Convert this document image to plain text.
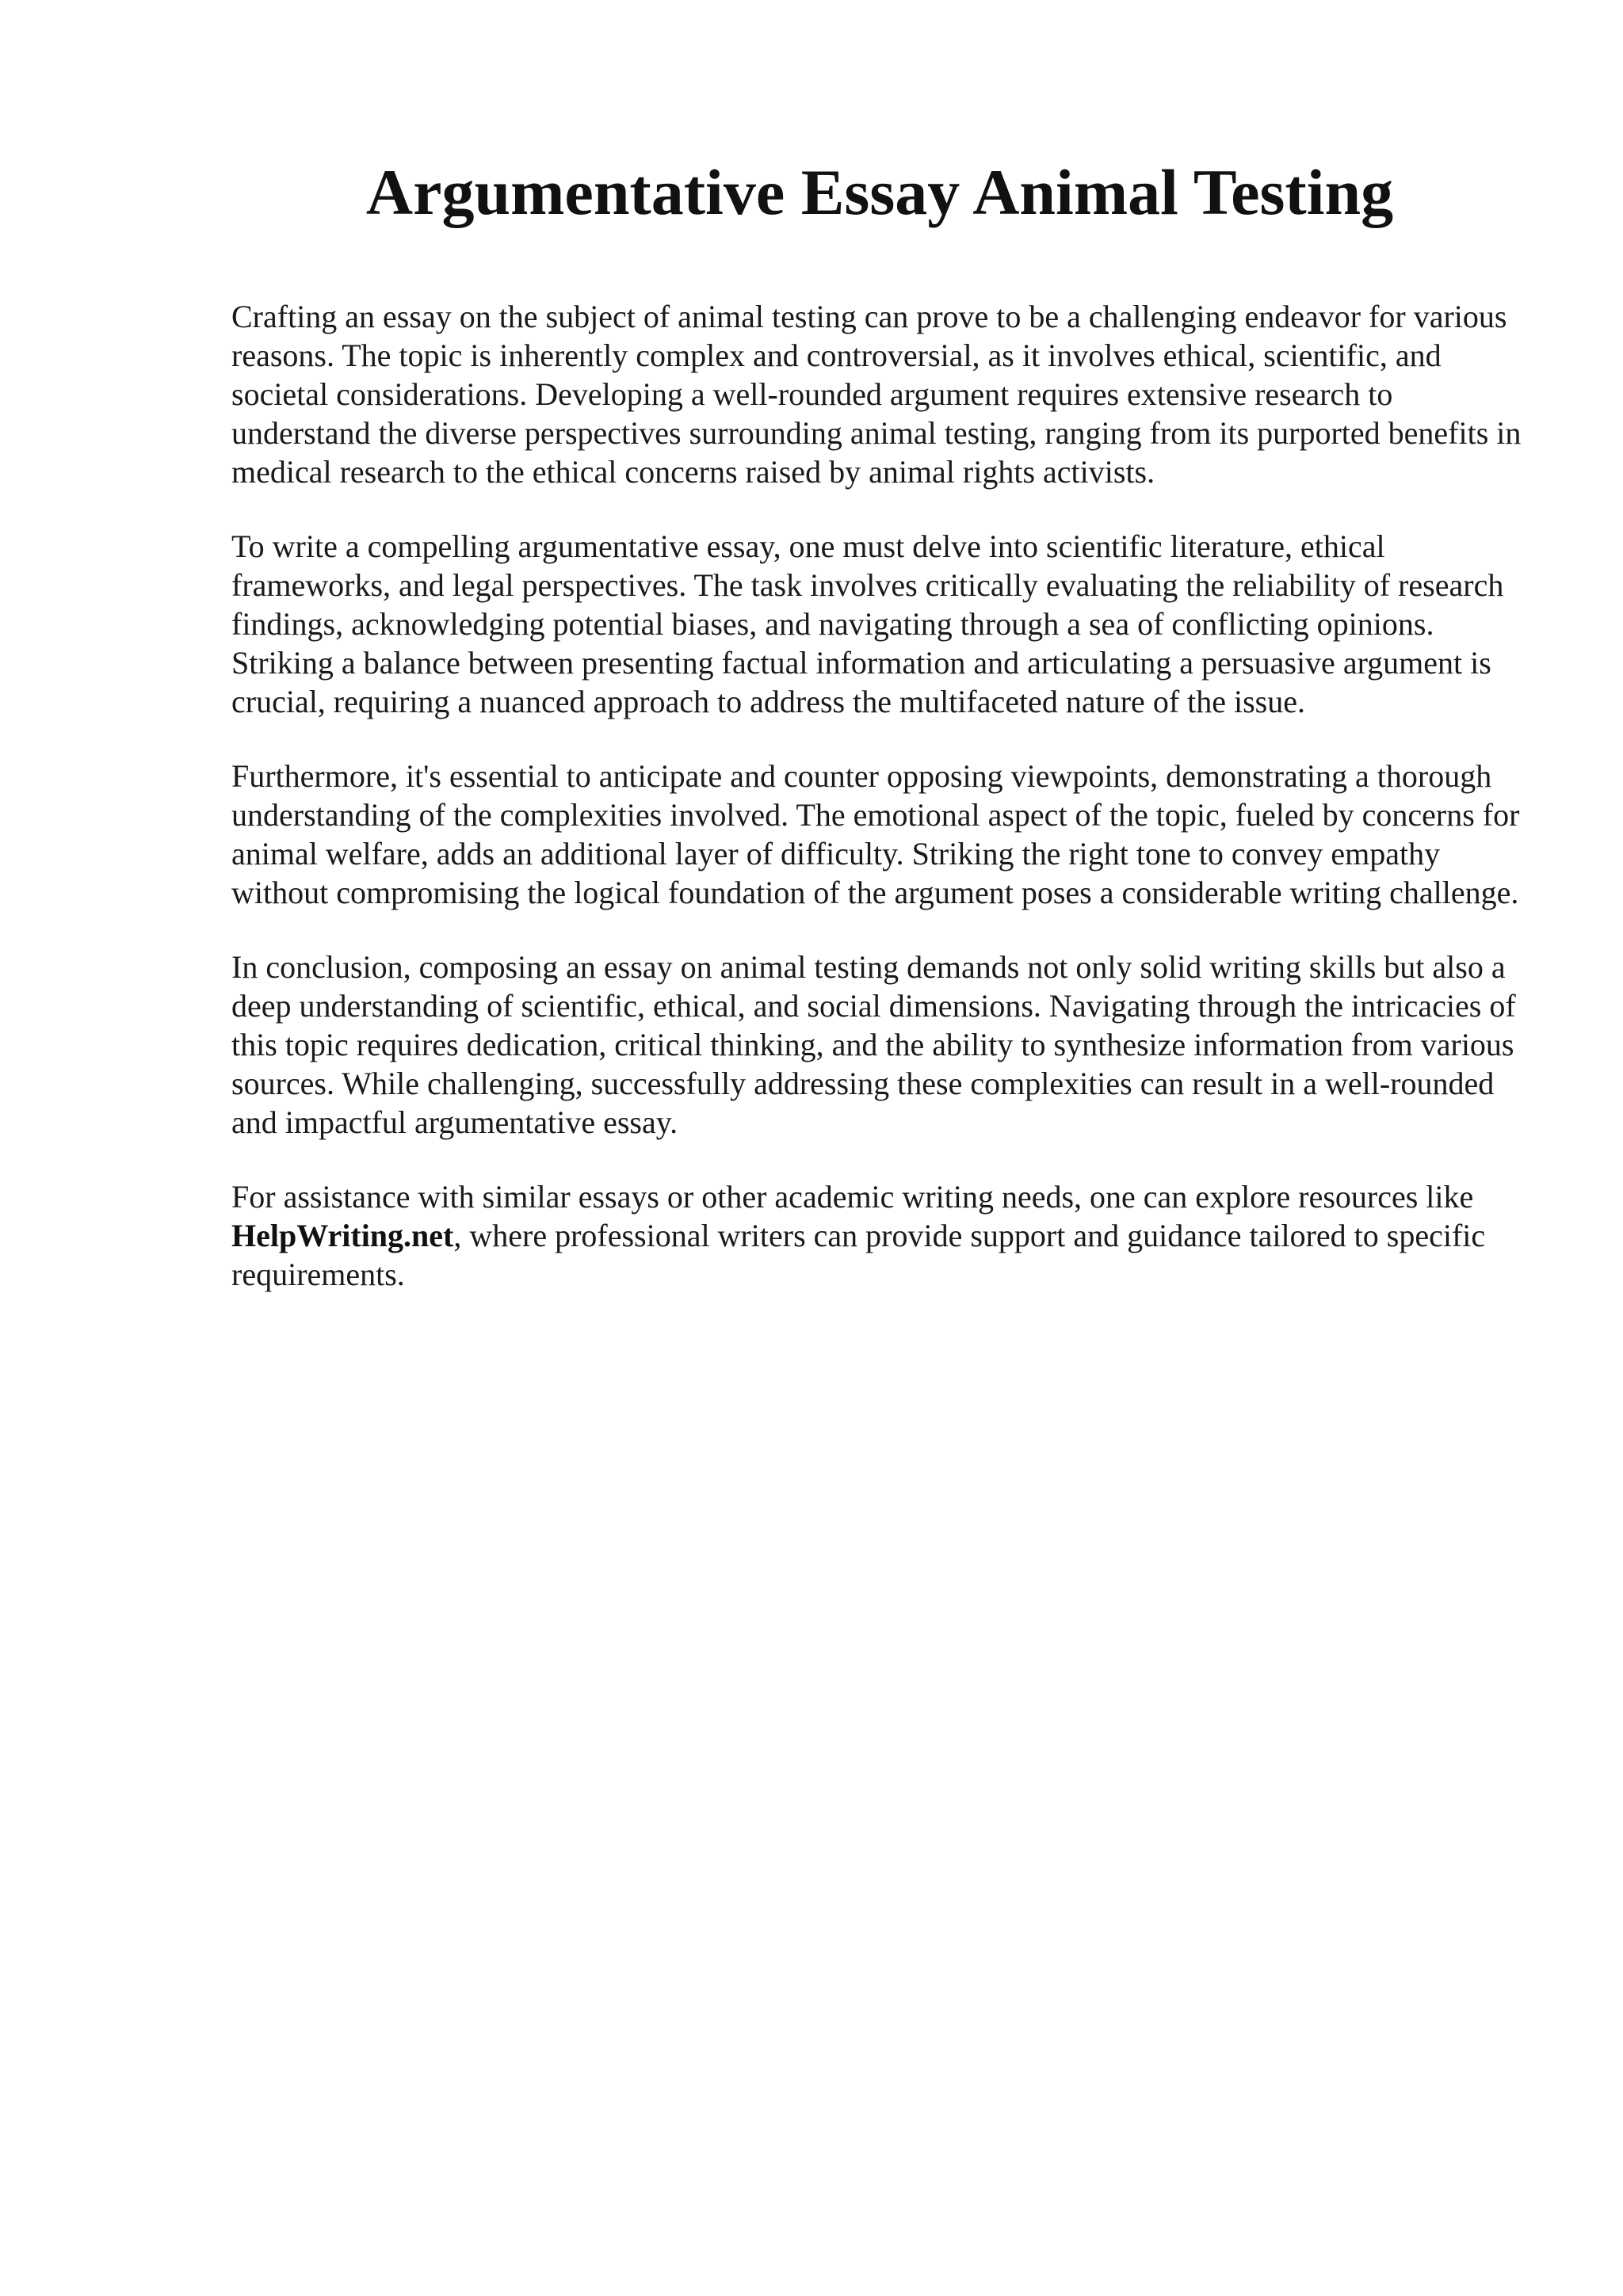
Argumentative Essay Animal Testing

Crafting an essay on the subject of animal testing can prove to be a challenging endeavor for various reasons. The topic is inherently complex and controversial, as it involves ethical, scientific, and societal considerations. Developing a well-rounded argument requires extensive research to understand the diverse perspectives surrounding animal testing, ranging from its purported benefits in medical research to the ethical concerns raised by animal rights activists.

To write a compelling argumentative essay, one must delve into scientific literature, ethical frameworks, and legal perspectives. The task involves critically evaluating the reliability of research findings, acknowledging potential biases, and navigating through a sea of conflicting opinions. Striking a balance between presenting factual information and articulating a persuasive argument is crucial, requiring a nuanced approach to address the multifaceted nature of the issue.

Furthermore, it's essential to anticipate and counter opposing viewpoints, demonstrating a thorough understanding of the complexities involved. The emotional aspect of the topic, fueled by concerns for animal welfare, adds an additional layer of difficulty. Striking the right tone to convey empathy without compromising the logical foundation of the argument poses a considerable writing challenge.

In conclusion, composing an essay on animal testing demands not only solid writing skills but also a deep understanding of scientific, ethical, and social dimensions. Navigating through the intricacies of this topic requires dedication, critical thinking, and the ability to synthesize information from various sources. While challenging, successfully addressing these complexities can result in a well-rounded and impactful argumentative essay.

For assistance with similar essays or other academic writing needs, one can explore resources like HelpWriting.net, where professional writers can provide support and guidance tailored to specific requirements.
